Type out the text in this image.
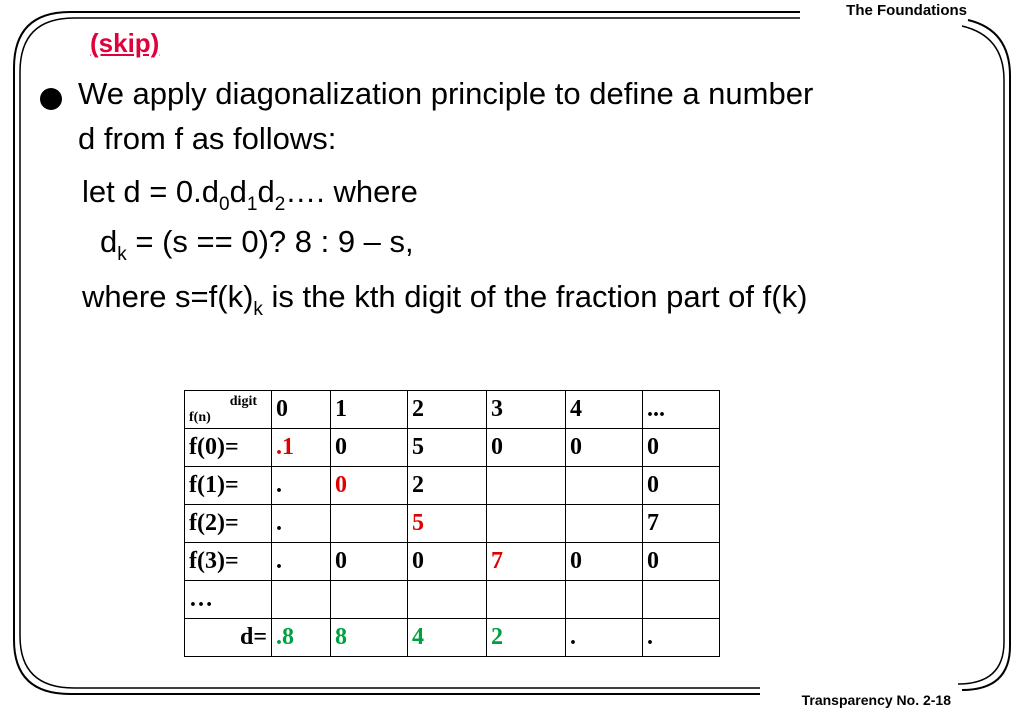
The Foundations
Transparency No. 2-18
(skip)
We apply diagonalization principle to define a number
d from f as follows:
let $d = 0.d_0d_1d_2\dots$. where
$d_k = (s == 0)$? 8 : 9 – s,
where $s=f(k)_k$ is the kth digit of the fraction part of f(k)
digit
f(n)	0	1	2	3	4	...
f(0)=	.1	0	5	0	0	0
f(1)=	.	0	2			0
f(2)=	.		5			7
f(3)=	.	0	0	7	0	0
…						
d=	.8	8	4	2	.	.
